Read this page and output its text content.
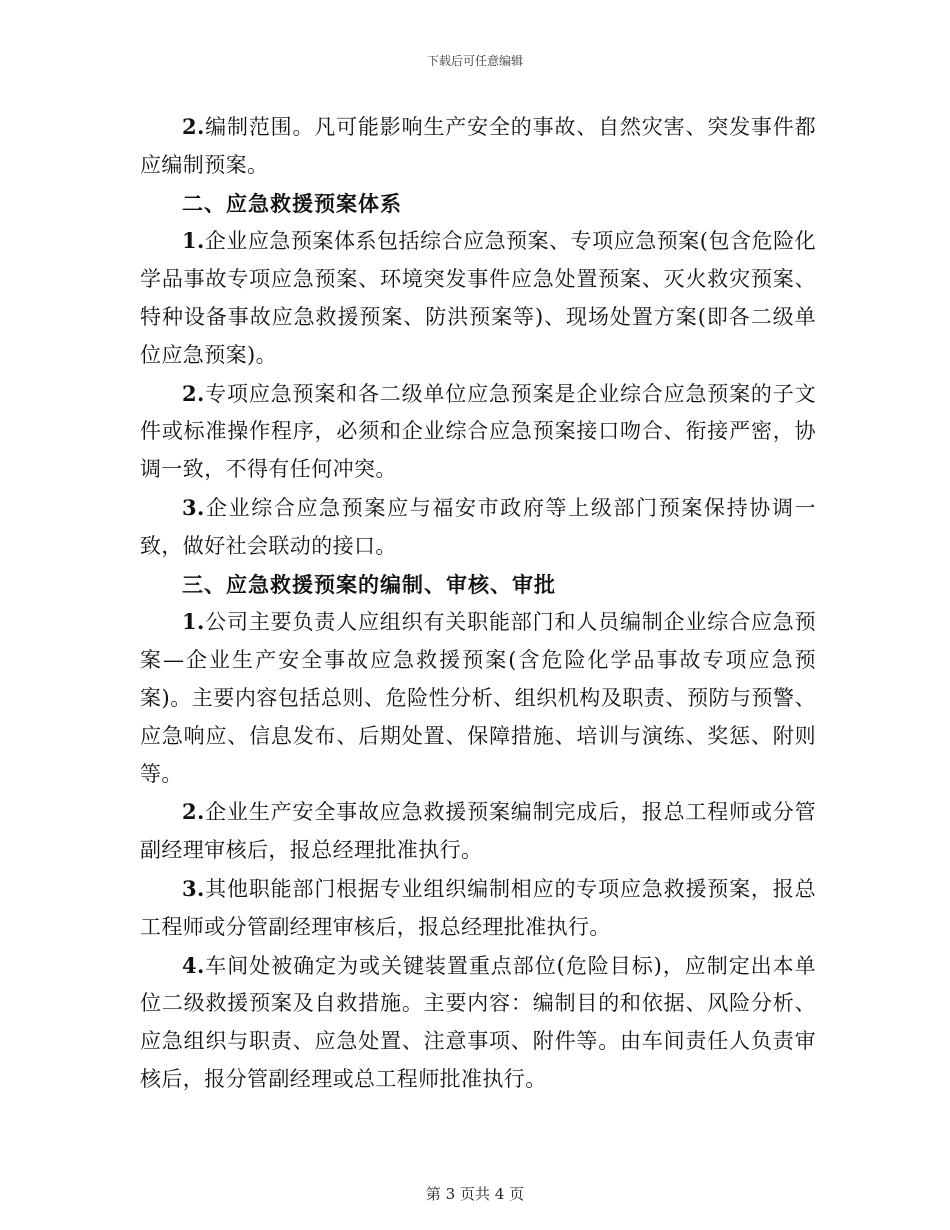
下载后可任意编辑

2.编制范围。凡可能影响生产安全的事故、自然灾害、突发事件都应编制预案。

二、应急救援预案体系

1.企业应急预案体系包括综合应急预案、专项应急预案(包含危险化学品事故专项应急预案、环境突发事件应急处置预案、灭火救灾预案、特种设备事故应急救援预案、防洪预案等)、现场处置方案(即各二级单位应急预案)。

2.专项应急预案和各二级单位应急预案是企业综合应急预案的子文件或标准操作程序，必须和企业综合应急预案接口吻合、衔接严密，协调一致，不得有任何冲突。

3.企业综合应急预案应与福安市政府等上级部门预案保持协调一致，做好社会联动的接口。

三、应急救援预案的编制、审核、审批

1.公司主要负责人应组织有关职能部门和人员编制企业综合应急预案—企业生产安全事故应急救援预案(含危险化学品事故专项应急预案)。主要内容包括总则、危险性分析、组织机构及职责、预防与预警、应急响应、信息发布、后期处置、保障措施、培训与演练、奖惩、附则等。

2.企业生产安全事故应急救援预案编制完成后，报总工程师或分管副经理审核后，报总经理批准执行。

3.其他职能部门根据专业组织编制相应的专项应急救援预案，报总工程师或分管副经理审核后，报总经理批准执行。

4.车间处被确定为或关键装置重点部位(危险目标)，应制定出本单位二级救援预案及自救措施。主要内容：编制目的和依据、风险分析、应急组织与职责、应急处置、注意事项、附件等。由车间责任人负责审核后，报分管副经理或总工程师批准执行。

第 3 页共 4 页
